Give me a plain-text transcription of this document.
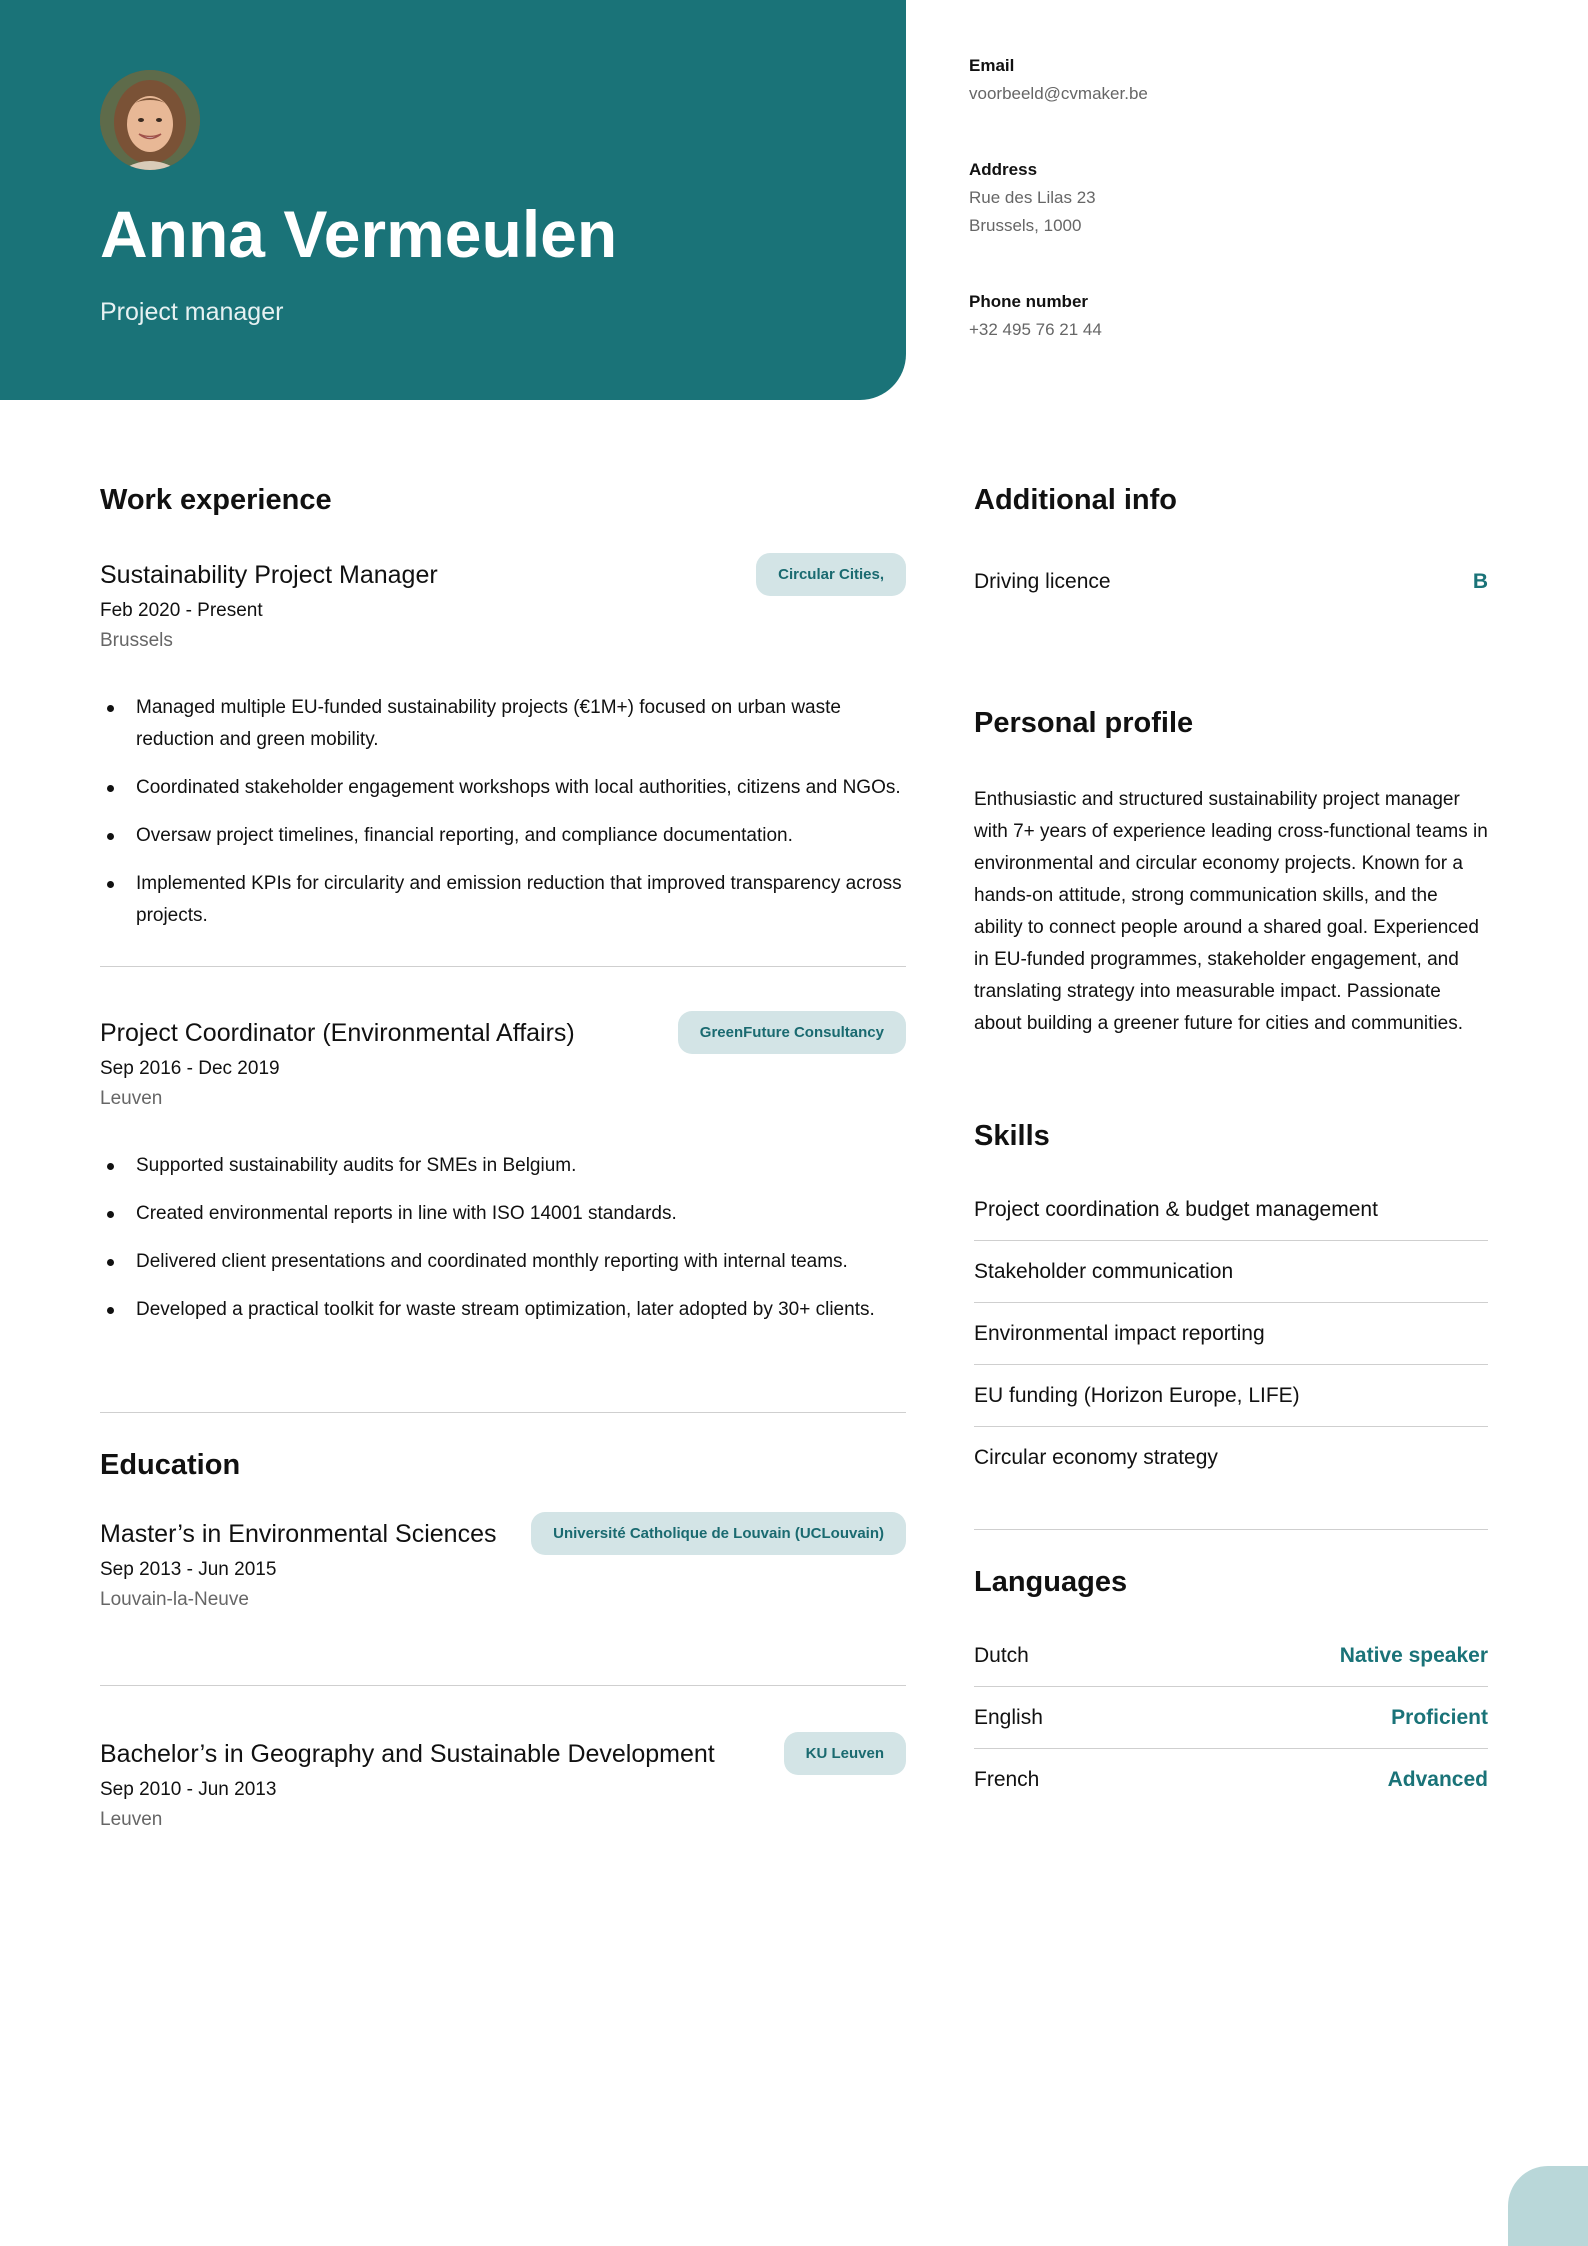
Anna Vermeulen
Project manager
Email
voorbeeld@cvmaker.be
Address
Rue des Lilas 23
Brussels, 1000
Phone number
+32 495 76 21 44
Work experience
Circular Cities,
Sustainability Project Manager
Feb 2020 - Present
Brussels
Managed multiple EU-funded sustainability projects (€1M+) focused on urban waste reduction and green mobility.
Coordinated stakeholder engagement workshops with local authorities, citizens and NGOs.
Oversaw project timelines, financial reporting, and compliance documentation.
Implemented KPIs for circularity and emission reduction that improved transparency across projects.
GreenFuture Consultancy
Project Coordinator (Environmental Affairs)
Sep 2016 - Dec 2019
Leuven
Supported sustainability audits for SMEs in Belgium.
Created environmental reports in line with ISO 14001 standards.
Delivered client presentations and coordinated monthly reporting with internal teams.
Developed a practical toolkit for waste stream optimization, later adopted by 30+ clients.
Education
Université Catholique de Louvain (UCLouvain)
Master’s in Environmental Sciences
Sep 2013 - Jun 2015
Louvain-la-Neuve
KU Leuven
Bachelor’s in Geography and Sustainable Development
Sep 2010 - Jun 2013
Leuven
Additional info
Driving licence	B
Personal profile
Enthusiastic and structured sustainability project manager with 7+ years of experience leading cross-functional teams in environmental and circular economy projects. Known for a hands-on attitude, strong communication skills, and the ability to connect people around a shared goal. Experienced in EU-funded programmes, stakeholder engagement, and translating strategy into measurable impact. Passionate about building a greener future for cities and communities.
Skills
Project coordination & budget management
Stakeholder communication
Environmental impact reporting
EU funding (Horizon Europe, LIFE)
Circular economy strategy
Languages
Dutch	Native speaker
English	Proficient
French	Advanced
